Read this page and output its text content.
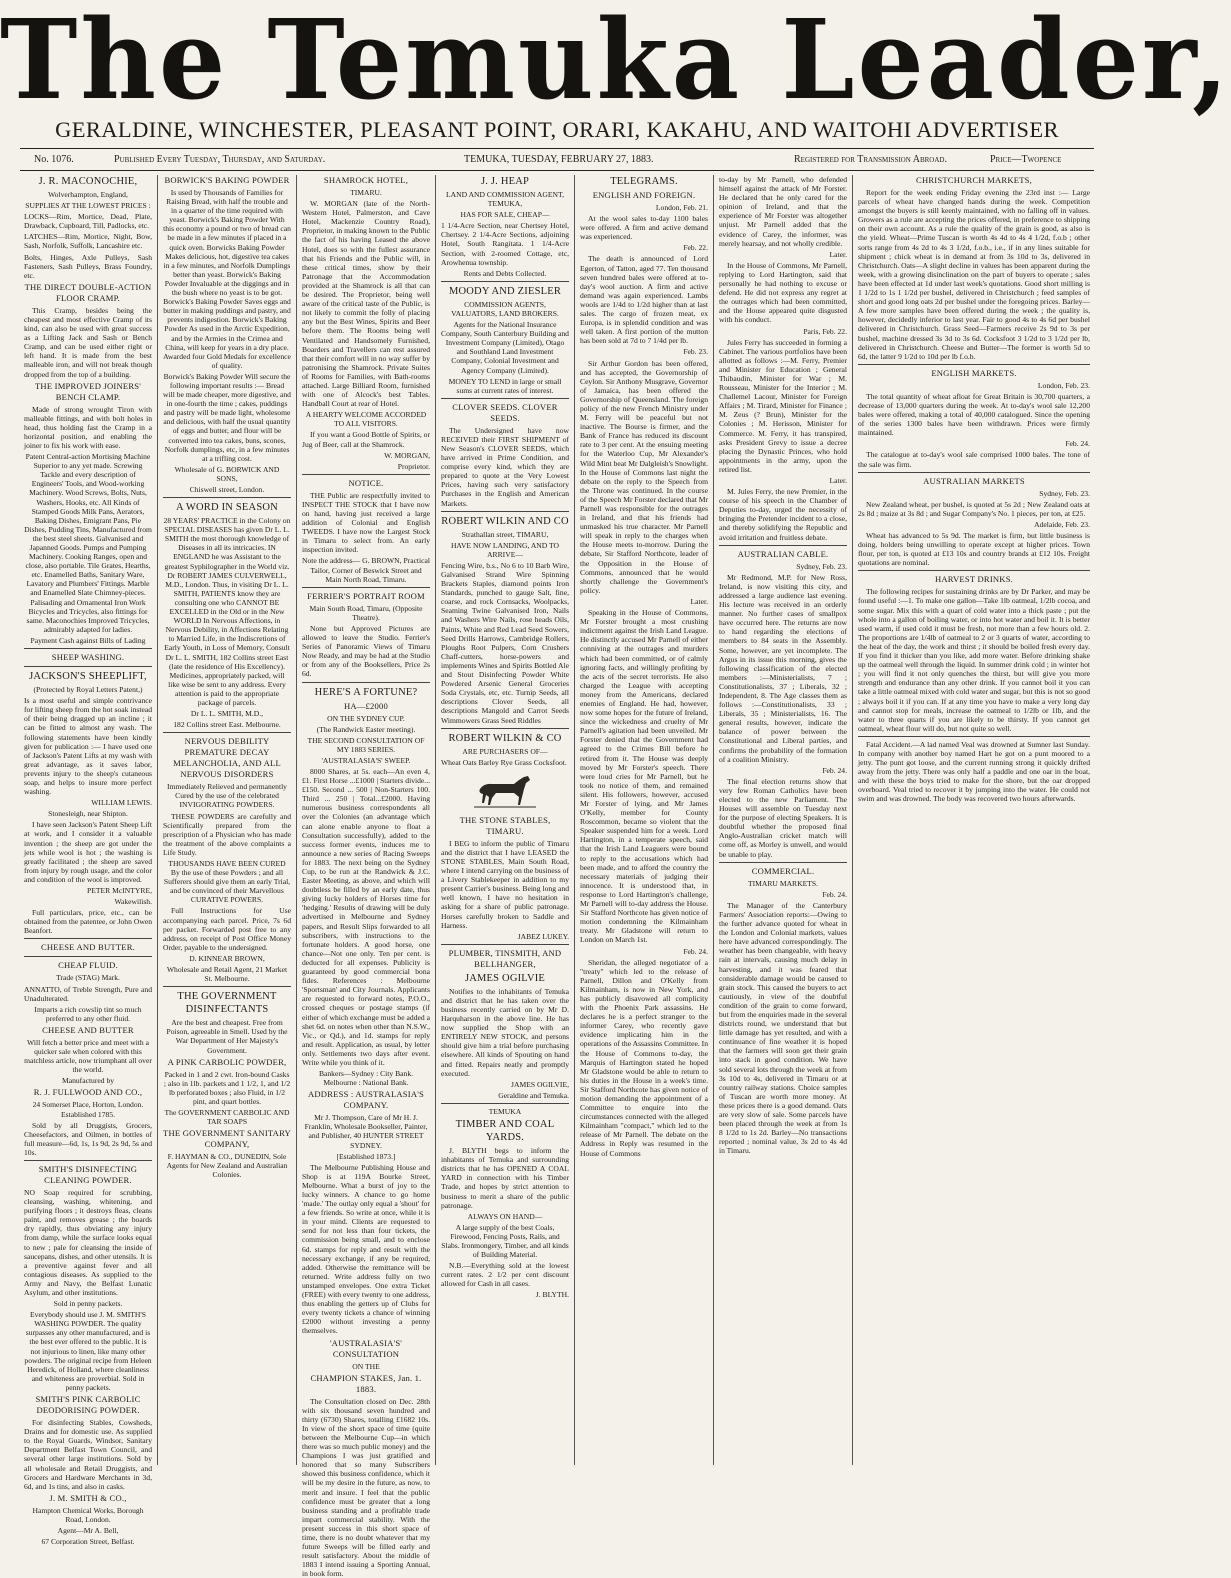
The Temuka Leader,
GERALDINE, WINCHESTER, PLEASANT POINT, ORARI, KAKAHU, AND WAITOHI ADVERTISER
No. 1076.	Published Every Tuesday, Thursday, and Saturday.	TEMUKA, TUESDAY, FEBRUARY 27, 1883.	Registered for Transmission Abroad.	Price—Twopence

J. R. MACONOCHIE,

Wolverhampton, England,

SUPPLIES AT THE LOWEST PRICES :

LOCKS—Rim, Mortice, Dead, Plate, Drawback, Cupboard, Till, Padlocks, etc.

LATCHES—Rim, Mortice, Night, Bow, Sash, Norfolk, Suffolk, Lancashire etc.

Bolts, Hinges, Axle Pulleys, Sash Fasteners, Sash Pulleys, Brass Foundry, etc.

THE DIRECT DOUBLE-ACTION FLOOR CRAMP.

This Cramp, besides being the cheapest and most effective Cramp of its kind, can also be used with great success as a Lifting Jack and Sash or Bench Cramp, and can be used either right or left hand. It is made from the best malleable iron, and will not break though dropped from the top of a building.

THE IMPROVED JOINERS' BENCH CLAMP.

Made of strong wrought Tiron with malleable fittings, and with bolt holes in head, thus holding fast the Cramp in a horizontal position, and enabling the joiner to fix his work with ease.

Patent Central-action Mortising Machine Superior to any yet made. Screwing Tackle and every description of Engineers' Tools, and Wood-working Machinery. Wood Screws, Bolts, Nuts, Washers, Hooks, etc. All Kinds of Stamped Goods Milk Pans, Aerators, Baking Dishes, Emigrant Pans, Pie Dishes, Pudding Tins, Manufactured from the best steel sheets. Galvanised and Japanned Goods. Pumps and Pumping Machinery. Cooking Ranges, open and close, also portable. Tile Grates, Hearths, etc. Enamelled Baths, Sanitary Ware, Lavatory and Plumbers' Fittings. Marble and Enamelled Slate Chimney-pieces. Palisading and Ornamental Iron Work Bicycles and Tricycles, also fittings for same. Maconochies Improved Tricycles, admirably adapted for ladies.

Payment Cash against Bills of Lading

SHEEP WASHING.

JACKSON'S SHEEPLIFT,

(Protected by Royal Letters Patent,)

Is a most useful and simple contrivance for lifting sheep from the hot soak instead of their being dragged up an incline ; it can be fitted to almost any wash. The following statements have been kindly given for publication :— I have used one of Jackson's Patent Lifts at my wash with great advantage, as it saves labor, prevents injury to the sheep's cutaneous soap, and helps to insure more perfect washing.

WILLIAM LEWIS.

Stonesleigh, near Shipton.

I have seen Jackson's Patent Sheep Lift at work, and I consider it a valuable invention ; the sheep are got under the jets while wool is hot ; the washing is greatly facilitated ; the sheep are saved from injury by rough usage, and the color and condition of the wool is improved.

PETER McINTYRE,

Wakewilish.

Full particulars, price, etc., can be obtained from the patentee, or John Owen Beanfort.

CHEESE AND BUTTER.

CHEAP FLUID.

Trade (STAG) Mark.

ANNATTO, of Treble Strength, Pure and Unadulterated.

Imparts a rich cowslip tint so much preferred to any other fluid.

CHEESE AND BUTTER

Will fetch a better price and meet with a quicker sale when colored with this matchless article, now triumphant all over the world.

Manufactured by

R. J. FULLWOOD AND CO.,

24 Somerset Place, Horton, London. Established 1785.

Sold by all Druggists, Grocers, Cheesefactors, and Oilmen, in bottles of full measure—6d, 1s, 1s 9d, 2s 9d, 5s and 10s.

SMITH'S DISINFECTING CLEANING POWDER.

NO Soap required for scrubbing, cleansing, washing, whitening, and purifying floors ; it destroys fleas, cleans paint, and removes grease ; the boards dry rapidly, thus obviating any injury from damp, while the surface looks equal to new ; pale for cleansing the inside of saucepans, dishes, and other utensils. It is a preventive against fever and all contagious diseases. As supplied to the Army and Navy, the Belfast Lunatic Asylum, and other institutions.

Sold in penny packets.

Everybody should use J. M. SMITH'S WASHING POWDER. The quality surpasses any other manufactured, and is the best ever offered to the public. It is not injurious to linen, like many other powders. The original recipe from Heleen Heredick, of Holland, where cleanliness and whiteness are proverbial. Sold in penny packets.

SMITH'S PINK CARBOLIC DEODORISING POWDER.

For disinfecting Stables, Cowsheds, Drains and for domestic use. As supplied to the Royal Guards, Windsor, Sanitary Department Belfast Town Council, and several other large institutions. Sold by all wholesale and Retail Druggists, and Grocers and Hardware Merchants in 3d, 6d, and 1s tins, and also in casks.

J. M. SMITH & CO.,

Hampton Chemical Works, Borough Road, London.

Agent—Mr A. Bell,

67 Corporation Street, Belfast.

BORWICK'S BAKING POWDER

Is used by Thousands of Families for Raising Bread, with half the trouble and in a quarter of the time required with yeast. Borwick's Baking Powder With this economy a pound or two of bread can be made in a few minutes if placed in a quick oven. Borwicks Baking Powder Makes delicious, hot, digestive tea cakes in a few minutes, and Norfolk Dumplings better than yeast. Borwick's Baking Powder Invaluable at the diggings and in the bush where no yeast is to be got. Borwick's Baking Powder Saves eggs and butter in making puddings and pastry, and prevents indigestion. Borwick's Baking Powder As used in the Arctic Expedition, and by the Armies in the Crimea and China, will keep for years in a dry place. Awarded four Gold Medals for excellence of quality.

Borwick's Baking Powder Will secure the following important results :— Bread will be made cheaper, more digestive, and in one-fourth the time ; cakes, puddings and pastry will be made light, wholesome and delicious, with half the usual quantity of eggs and butter, and flour will be converted into tea cakes, buns, scones, Norfolk dumplings, etc, in a few minutes at a trifling cost.

Wholesale of G. BORWICK AND SONS,

Chiswell street, London.

A WORD IN SEASON

28 YEARS' PRACTICE in the Colony on SPECIAL DISEASES has given Dr L. L. SMITH the most thorough knowledge of Diseases in all its intricacies. IN ENGLAND he was Assistant to the greatest Syphilographer in the World viz. Dr ROBERT JAMES CULVERWELL, M.D., London. Thus, in visiting Dr L. L. SMITH, PATIENTS know they are consulting one who CANNOT BE EXCELLED in the Old or in the New WORLD In Nervous Affections, in Nervous Debility, in Affections Relating to Married Life, in the Indiscretions of Early Youth, in Loss of Memory, Consult Dr L. L. SMITH, 182 Collins street East (late the residence of His Excellency). Medicines, appropriately packed, will like wise be sent to any address. Every attention is paid to the appropriate package of parcels.

Dr L. L. SMITH, M.D.,

182 Collins street East. Melbourne.

NERVOUS DEBILITY PREMATURE DECAY MELANCHOLIA, AND ALL NERVOUS DISORDERS

Immediately Relieved and permanently Cured by the use of the celebrated INVIGORATING POWDERS.

THESE POWDERS are carefully and Scientifically prepared from the prescription of a Physician who has made the treatment of the above complaints a Life Study.

THOUSANDS HAVE BEEN CURED By the use of these Powders ; and all Sufferers should give them an early Trial, and be convinced of their Marvellous CURATIVE POWERS.

Full Instructions for Use accompanying each parcel. Price, 7s 6d per packet. Forwarded post free to any address, on receipt of Post Office Money Order, payable to the undersigned.

D. KINNEAR BROWN,

Wholesale and Retail Agent, 21 Market St. Melbourne.

THE GOVERNMENT DISINFECTANTS

Are the best and cheapest. Free from Poison, agreeable in Smell. Used by the War Department of Her Majesty's Government.

A PINK CARBOLIC POWDER,

Packed in 1 and 2 cwt. Iron-bound Casks ; also in 1lb. packets and 1 1/2, 1, and 1/2 lb perforated boxes ; also Fluid, in 1/2 pint, and quart bottles.

The GOVERNMENT CARBOLIC AND TAR SOAPS

THE GOVERNMENT SANITARY COMPANY,

F. HAYMAN & CO., DUNEDIN, Sole Agents for New Zealand and Australian Colonies.

SHAMROCK HOTEL,

TIMARU.

W. MORGAN (late of the North-Western Hotel, Palmerston, and Cave Hotel, Mackenzie Country Road), Proprietor, in making known to the Public the fact of his having Leased the above Hotel, does so with the fullest assurance that his Friends and the Public will, in these critical times, show by their Patronage that the Accommodation provided at the Shamrock is all that can be desired. The Proprietor, being well aware of the critical taste of the Public, is not likely to commit the folly of placing any but the Best Wines, Spirits and Beer before them. The Rooms being well Ventilated and Handsomely Furnished, Boarders and Travellers can rest assured that their comfort will in no way suffer by patronising the Shamrock. Private Suites of Rooms for Families, with Bath-rooms attached. Large Billiard Room, furnished with one of Alcock's best Tables. Handball Court at rear of Hotel.

A HEARTY WELCOME ACCORDED TO ALL VISITORS.

If you want a Good Bottle of Spirits, or Jug of Beer, call at the Shamrock.

W. MORGAN,

Proprietor.

NOTICE.

THE Public are respectfully invited to INSPECT THE STOCK that I have now on hand, having just received a large addition of Colonial and English TWEEDS. I have now the Largest Stock in Timaru to select from. An early inspection invited.

Note the address— G. BROWN, Practical Tailor, Corner of Beswick Street and Main North Road, Timaru.

FERRIER'S PORTRAIT ROOM

Main South Road, Timaru, (Opposite Theatre).

None but Approved Pictures are allowed to leave the Studio. Ferrier's Series of Panoramic Views of Timaru Now Ready, and may be had at the Studio or from any of the Booksellers, Price 2s 6d.

HERE'S A FORTUNE?

HA—£2000

ON THE SYDNEY CUP.

(The Randwick Easter meeting).

THE SECOND CONSULTATION OF MY 1883 SERIES.

'AUSTRALASIA'S' SWEEP.

8000 Shares, at 5s. each—An even 4, £1. First Horse ...£1000 | Starters divide...£150. Second ... 500 | Non-Starters 100. Third ... 250 | Total...£2000. Having numerous business correspondents all over the Colonies (an advantage which can alone enable anyone to float a Consultation successfully), added to the success former events, induces me to announce a new series of Racing Sweeps for 1883. The next being on the Sydney Cup, to be run at the Randwick & J.C. Easter Meeting, as above, and which will doubtless be filled by an early date, thus giving lucky holders of Horses time for 'hedging.' Results of drawing will be duly advertised in Melbourne and Sydney papers, and Result Slips forwarded to all subscribers, with instructions to the fortunate holders. A good horse, one chance—Not one only. Ten per cent. is deducted for all expenses. Publicity is guaranteed by good commercial bona fides. References : Melbourne 'Sportsman' and City Journals. Applicants are requested to forward notes, P.O.O., crossed cheques or postage stamps (if either of which exchange must be added a shet 6d. on notes when other than N.S.W., Vic., or Qd.), and 1d. stamps for reply and result. Application, as usual, by letter only. Settlements two days after event. Write while you think of it.

Bankers—Sydney : City Bank. Melbourne : National Bank.

ADDRESS : AUSTRALASIA'S COMPANY.

Mr J. Thompson, Care of Mr H. J. Franklin, Wholesale Bookseller, Painter, and Publisher, 40 HUNTER STREET SYDNEY.

[Established 1873.]

The Melbourne Publishing House and Shop is at 119A Bourke Street, Melbourne. What a burst of joy to the lucky winners. A chance to go home 'made.' The outlay only equal a 'shout' for a few friends. So write at once, while it is in your mind. Clients are requested to send for not less than four tickets, the commission being small, and to enclose 6d. stamps for reply and result with the necessary exchange, if any be required, added. Otherwise the remittance will be returned. Write address fully on two unstamped envelopes. One extra Ticket (FREE) with every twenty to one address, thus enabling the getters up of Clubs for every twenty tickets a chance of winning £2000 without investing a penny themselves.

'AUSTRALASIA'S' CONSULTATION

ON THE

CHAMPION STAKES, Jan. 1. 1883.

The Consultation closed on Dec. 28th with six thousand seven hundred and thirty (6730) Shares, totalling £1682 10s. In view of the short space of time (quite between the Melbourne Cup—in which there was so much public money) and the Champions I was just gratified and honored that so many Subscribers showed this business confidence, which it will be my desire in the future, as now, to merit and insure. I feel that the public confidence must be greater that a long business standing and a profitable trade impart commercial stability. With the present success in this short space of time, there is no doubt whatever that my future Sweeps will be filled early and result satisfactory. About the middle of 1883 I intend issuing a Sporting Annual, in book form.

J. J. HEAP

LAND AND COMMISSION AGENT, TEMUKA,

HAS FOR SALE, CHEAP—

1 1/4-Acre Section, near Chertsey Hotel, Chertsey. 2 1/4-Acre Sections, adjoining Hotel, South Rangitata. 1 1/4-Acre Section, with 2-roomed Cottage, etc, Arowhenua township.

Rents and Debts Collected.

MOODY AND ZIESLER

COMMISSION AGENTS, VALUATORS, LAND BROKERS.

Agents for the National Insurance Company, South Canterbury Building and Investment Company (Limited), Otago and Southland Land Investment Company, Colonial Investment and Agency Company (Limited).

MONEY TO LEND in large or small sums at current rates of interest.

CLOVER SEEDS. CLOVER SEEDS.

The Undersigned have now RECEIVED their FIRST SHIPMENT of New Season's CLOVER SEEDS, which have arrived in Prime Condition, and comprise every kind, which they are prepared to quote at the Very Lowest Prices, having such very satisfactory Purchases in the English and American Markets.

ROBERT WILKIN AND CO

Strathallan street, TIMARU,

HAVE NOW LANDING, AND TO ARRIVE—

Fencing Wire, b.s., No 6 to 10 Barb Wire, Galvanised Strand Wire Spinning Brackets Staples, diamond points Iron Standards, punched to gauge Salt, fine, coarse, and rock Cornsacks, Woolpacks, Seaming Twine Galvanised Iron, Nails and Washers Wire Nails, rose heads Oils, Paints, White and Red Lead Seed Sowers, Seed Drills Harrows, Cambridge Rollers, Ploughs Root Pulpers, Corn Crushers Chaff-cutters, horse-powers and implements Wines and Spirits Bottled Ale and Stout Disinfecting Powder White Powdered Arsenic General Groceries Soda Crystals, etc, etc. Turnip Seeds, all descriptions Clover Seeds, all descriptions Mangold and Carrot Seeds Wimmowers Grass Seed Riddles

ROBERT WILKIN & CO

ARE PURCHASERS OF—

Wheat Oats Barley Rye Grass Cocksfoot.

THE STONE STABLES, TIMARU.

I BEG to inform the public of Timaru and the district that I have LEASED the STONE STABLES, Main South Road, where I intend carrying on the business of a Livery Stablekeeper in addition to my present Carrier's business. Being long and well known, I have no hesitation in asking for a share of public patronage. Horses carefully broken to Saddle and Harness.

JABEZ LUKEY.

PLUMBER, TINSMITH, AND BELLHANGER,

JAMES OGILVIE

Notifies to the inhabitants of Temuka and district that he has taken over the business recently carried on by Mr D. Harquharson in the above line. He has now supplied the Shop with an ENTIRELY NEW STOCK, and persons should give him a trial before purchasing elsewhere. All kinds of Spouting on hand and fitted. Repairs neatly and promptly executed.

JAMES OGILVIE,

Geraldine and Temuka.

TEMUKA

TIMBER AND COAL YARDS.

J. BLYTH begs to inform the inhabitants of Temuka and surrounding districts that he has OPENED A COAL YARD in connection with his Timber Trade, and hopes by strict attention to business to merit a share of the public patronage.

ALWAYS ON HAND—

A large supply of the best Coals, Firewood, Fencing Posts, Rails, and Slabs. Ironmongery, Timber, and all kinds of Building Material.

N.B.—Everything sold at the lowest current rates. 2 1/2 per cent discount allowed for Cash in all cases.

J. BLYTH.

TELEGRAMS.

ENGLISH AND FOREIGN.

London, Feb. 21.

At the wool sales to-day 1100 bales were offered. A firm and active demand was experienced.

Feb. 22.

The death is announced of Lord Egerton, of Tatton, aged 77. Ten thousand seven hundred bales were offered at to-day's wool auction. A firm and active demand was again experienced. Lambs wools are 1/4d to 1/2d higher than at last sales. The cargo of frozen meat, ex Europa, is in splendid condition and was well taken. A first portion of the mutton has been sold at 7d to 7 1/4d per lb.

Feb. 23.

Sir Arthur Gordon has been offered, and has accepted, the Governorship of Ceylon. Sir Anthony Musgrave, Governor of Jamaica, has been offered the Governorship of Queensland. The foreign policy of the new French Ministry under M. Ferry will be peaceful but not inactive. The Bourse is firmer, and the Bank of France has reduced its discount rate to 3 per cent. At the ensuing meeting for the Waterloo Cup, Mr Alexander's Wild Mint beat Mr Dalgleish's Snowlight. In the House of Commons last night the debate on the reply to the Speech from the Throne was continued. In the course of the Speech Mr Forster declared that Mr Parnell was responsible for the outrages in Ireland, and that his friends had unmasked his true character. Mr Parnell will speak in reply to the charges when the House meets to-morrow. During the debate, Sir Stafford Northcote, leader of the Opposition in the House of Commons, announced that he would shortly challenge the Government's policy.

Later.

Speaking in the House of Commons, Mr Forster brought a most crushing indictment against the Irish Land League. He distinctly accused Mr Parnell of either conniving at the outrages and murders which had been committed, or of calmly ignoring facts, and willingly profiting by the acts of the secret terrorists. He also charged the League with accepting money from the Americans, declared enemies of England. He had, however, now some hopes for the future of Ireland, since the wickedness and cruelty of Mr Parnell's agitation had been unveiled. Mr Forster denied that the Government had agreed to the Crimes Bill before he retired from it. The House was deeply moved by Mr Forster's speech. There were loud cries for Mr Parnell, but he took no notice of them, and remained silent. His followers, however, accused Mr Forster of lying, and Mr James O'Kelly, member for County Roscommon, became so violent that the Speaker suspended him for a week. Lord Hartington, in a temperate speech, said that the Irish Land Leaguers were bound to reply to the accusations which had been made, and to afford the country the necessary materials of judging their innocence. It is understood that, in response to Lord Hartington's challenge, Mr Parnell will to-day address the House. Sir Stafford Northcote has given notice of motion condemning the Kilmainham treaty. Mr Gladstone will return to London on March 1st.

Feb. 24.

Sheridan, the alleged negotiator of a "treaty" which led to the release of Parnell, Dillon and O'Kelly from Kilmainham, is now in New York, and has publicly disavowed all complicity with the Phoenix Park assassins. He declares he is a perfect stranger to the informer Carey, who recently gave evidence implicating him in the operations of the Assassins Committee. In the House of Commons to-day, the Marquis of Hartington stated he hoped Mr Gladstone would be able to return to his duties in the House in a week's time. Sir Stafford Northcote has given notice of motion demanding the appointment of a Committee to enquire into the circumstances connected with the alleged Kilmainham "compact," which led to the release of Mr Parnell. The debate on the Address in Reply was resumed in the House of Commons

to-day by Mr Parnell, who defended himself against the attack of Mr Forster. He declared that he only cared for the opinion of Ireland, and that the experience of Mr Forster was altogether unjust. Mr Parnell added that the evidence of Carey, the informer, was merely hearsay, and not wholly credible.

Later.

In the House of Commons, Mr Parnell, replying to Lord Hartington, said that personally he had nothing to excuse or defend. He did not express any regret at the outrages which had been committed, and the House appeared quite disgusted with his conduct.

Paris, Feb. 22.

Jules Ferry has succeeded in forming a Cabinet. The various portfolios have been allotted as follows :—M. Ferry, Premier and Minister for Education ; General Thibaudin, Minister for War ; M. Rousseau, Minister for the Interior ; M. Challemel Lacour, Minister for Foreign Affairs ; M. Tirard, Minister for Finance ; M. Zeus (? Brun), Minister for the Colonies ; M. Herisson, Minister for Commerce. M. Ferry, it has transpired, asks President Grevy to issue a decree placing the Dynastic Princes, who hold appointments in the army, upon the retired list.

Later.

M. Jules Ferry, the new Premier, in the course of his speech in the Chamber of Deputies to-day, urged the necessity of bringing the Pretender incident to a close, and thereby solidifying the Republic and avoid irritation and fruitless debate.

AUSTRALIAN CABLE.

Sydney, Feb. 23.

Mr Redmond, M.P. for New Ross, Ireland, is now visiting this city, and addressed a large audience last evening. His lecture was received in an orderly manner. No further cases of smallpox have occurred here. The returns are now to hand regarding the elections of members to 84 seats in the Assembly. Some, however, are yet incomplete. The Argus in its issue this morning, gives the following classification of the elected members :—Ministerialists, 7 ; Constitutionalists, 37 ; Liberals, 32 ; Independent, 8. The Age classes them as follows :—Constitutionalists, 33 ; Liberals, 35 ; Ministerialists, 16. The general results, however, indicate the balance of power between the Constitutional and Liberal parties, and confirms the probability of the formation of a coalition Ministry.

Feb. 24.

The final election returns show that very few Roman Catholics have been elected to the new Parliament. The Houses will assemble on Tuesday next for the purpose of electing Speakers. It is doubtful whether the proposed final Anglo-Australian cricket match will come off, as Morley is unwell, and would be unable to play.

COMMERCIAL.

TIMARU MARKETS.

Feb. 24.

The Manager of the Canterbury Farmers' Association reports:—Owing to the further advance quoted for wheat in the London and Colonial markets, values here have advanced correspondingly. The weather has been changeable, with heavy rain at intervals, causing much delay in harvesting, and it was feared that considerable damage would be caused to grain stock. This caused the buyers to act cautiously, in view of the doubtful condition of the grain to come forward, but from the enquiries made in the several districts round, we understand that but little damage has yet resulted, and with a continuance of fine weather it is hoped that the farmers will soon get their grain into stack in good condition. We have sold several lots through the week at from 3s 10d to 4s, delivered in Timaru or at country railway stations. Choice samples of Tuscan are worth more money. At these prices there is a good demand. Oats are very slow of sale. Some parcels have been placed through the week at from 1s 8 1/2d to 1s 2d. Barley—No transactions reported ; nominal value, 3s 2d to 4s 4d in Timaru.

CHRISTCHURCH MARKETS,

Report for the week ending Friday evening the 23rd inst :— Large parcels of wheat have changed hands during the week. Competition amongst the buyers is still keenly maintained, with no falling off in values. Growers as a rule are accepting the prices offered, in preference to shipping on their own account. As a rule the quality of the grain is good, as also is the yield. Wheat—Prime Tuscan is worth 4s 4d to 4s 4 1/2d, f.o.b ; other sorts range from 4s 2d to 4s 3 1/2d, f.o.b., i.e., if in any lines suitable for shipment ; chick wheat is in demand at from 3s 10d to 3s, delivered in Christchurch. Oats—A slight decline in values has been apparent during the week, with a growing disinclination on the part of buyers to operate ; sales have been effected at 1d under last week's quotations. Good short milling is 1 1/2d to 1s 1 1/2d per bushel, delivered in Christchurch ; feed samples of short and good long oats 2d per bushel under the foregoing prices. Barley—A few more samples have been offered during the week ; the quality is, however, decidedly inferior to last year. Fair to good 4s to 4s 6d per bushel delivered in Christchurch. Grass Seed—Farmers receive 2s 9d to 3s per bushel, machine dressed 3s 3d to 3s 6d. Cocksfoot 3 1/2d to 3 1/2d per lb, delivered in Christchurch. Cheese and Butter—The former is worth 5d to 6d, the latter 9 1/2d to 10d per lb f.o.b.

ENGLISH MARKETS.

London, Feb. 23.

The total quantity of wheat afloat for Great Britain is 30,700 quarters, a decrease of 13,000 quarters during the week. At to-day's wool sale 12,200 bales were offered, making a total of 40,000 catalogued. Since the opening of the series 1300 bales have been withdrawn. Prices were firmly maintained.

Feb. 24.

The catalogue at to-day's wool sale comprised 1000 bales. The tone of the sale was firm.

AUSTRALIAN MARKETS

Sydney, Feb. 23.

New Zealand wheat, per bushel, is quoted at 5s 2d ; New Zealand oats at 2s 8d ; maize at 3s 8d ; and Sugar Company's No. 1 pieces, per ton, at £25.

Adelaide, Feb. 23.

Wheat has advanced to 5s 9d. The market is firm, but little business is doing, holders being unwilling to operate except at higher prices. Town flour, per ton, is quoted at £13 10s and country brands at £12 10s. Freight quotations are nominal.

HARVEST DRINKS.

The following recipes for sustaining drinks are by Dr Parker, and may be found useful :—1. To make one gallon—Take 1lb oatmeal, 1/2lb cocoa, and some sugar. Mix this with a quart of cold water into a thick paste ; put the whole into a gallon of boiling water, or into hot water and boil it. It is better used warm, if used cold it must be fresh, not more than a few hours old. 2. The proportions are 1/4lb of oatmeal to 2 or 3 quarts of water, according to the heat of the day, the work and thirst ; it should be boiled fresh every day. If you find it thicker than you like, add more water. Before drinking shake up the oatmeal well through the liquid. In summer drink cold ; in winter hot ; you will find it not only quenches the thirst, but will give you more strength and endurance than any other drink. If you cannot boil it you can take a little oatmeal mixed with cold water and sugar, but this is not so good ; always boil it if you can. If at any time you have to make a very long day and cannot stop for meals, increase the oatmeal to 1/2lb or 1lb, and the water to three quarts if you are likely to be thirsty. If you cannot get oatmeal, wheat flour will do, but not quite so well.

Fatal Accident.—A lad named Veal was drowned at Sumner last Sunday. In company with another boy named Hart he got on a punt moored to a jetty. The punt got loose, and the current running strong it quickly drifted away from the jetty. There was only half a paddle and one oar in the boat, and with these the boys tried to make for the shore, but the oar dropped overboard. Veal tried to recover it by jumping into the water. He could not swim and was drowned. The body was recovered two hours afterwards.
